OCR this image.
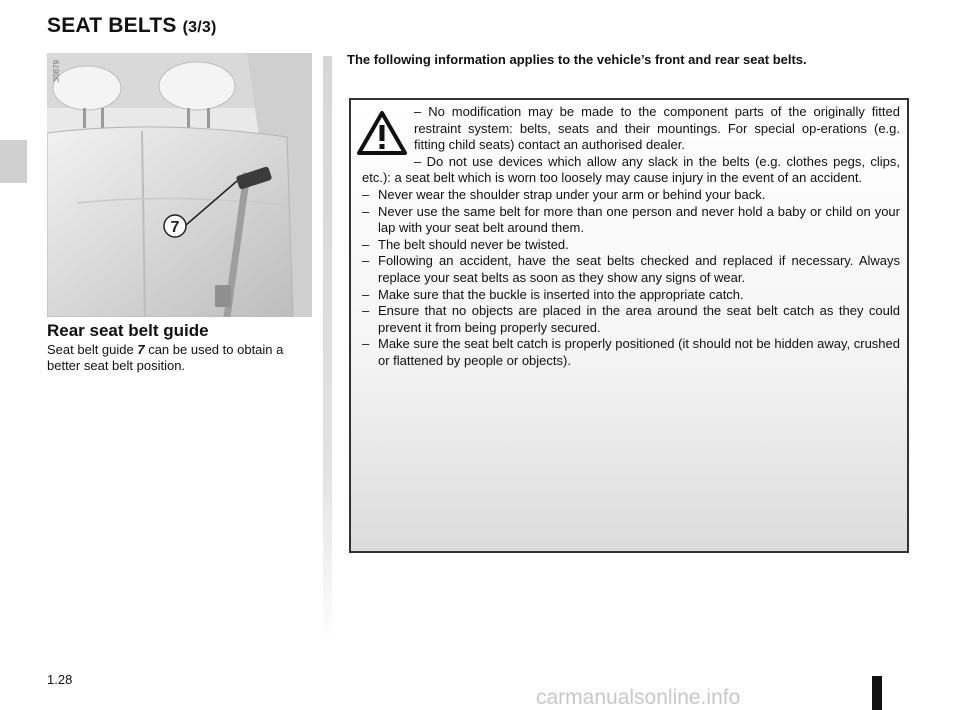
SEAT BELTS (3/3)
7
30879
Rear seat belt guide
Seat belt guide 7 can be used to obtain a better seat belt position.
The following information applies to the vehicle’s front and rear seat belts.

– No modification may be made to the component parts of the originally fitted restraint system: belts, seats and their mountings. For special op-erations (e.g. fitting child seats) contact an authorised dealer.

– Do not use devices which allow any slack in the belts (e.g. clothes pegs, clips, etc.): a seat belt which is worn too loosely may cause injury in the event of an accident.

– Never wear the shoulder strap under your arm or behind your back.
– Never use the same belt for more than one person and never hold a baby or child on your lap with your seat belt around them.
– The belt should never be twisted.
– Following an accident, have the seat belts checked and replaced if necessary. Always replace your seat belts as soon as they show any signs of wear.
– Make sure that the buckle is inserted into the appropriate catch.
– Ensure that no objects are placed in the area around the seat belt catch as they could prevent it from being properly secured.
– Make sure the seat belt catch is properly positioned (it should not be hidden away, crushed or flattened by people or objects).
1.28
carmanualsonline.info
